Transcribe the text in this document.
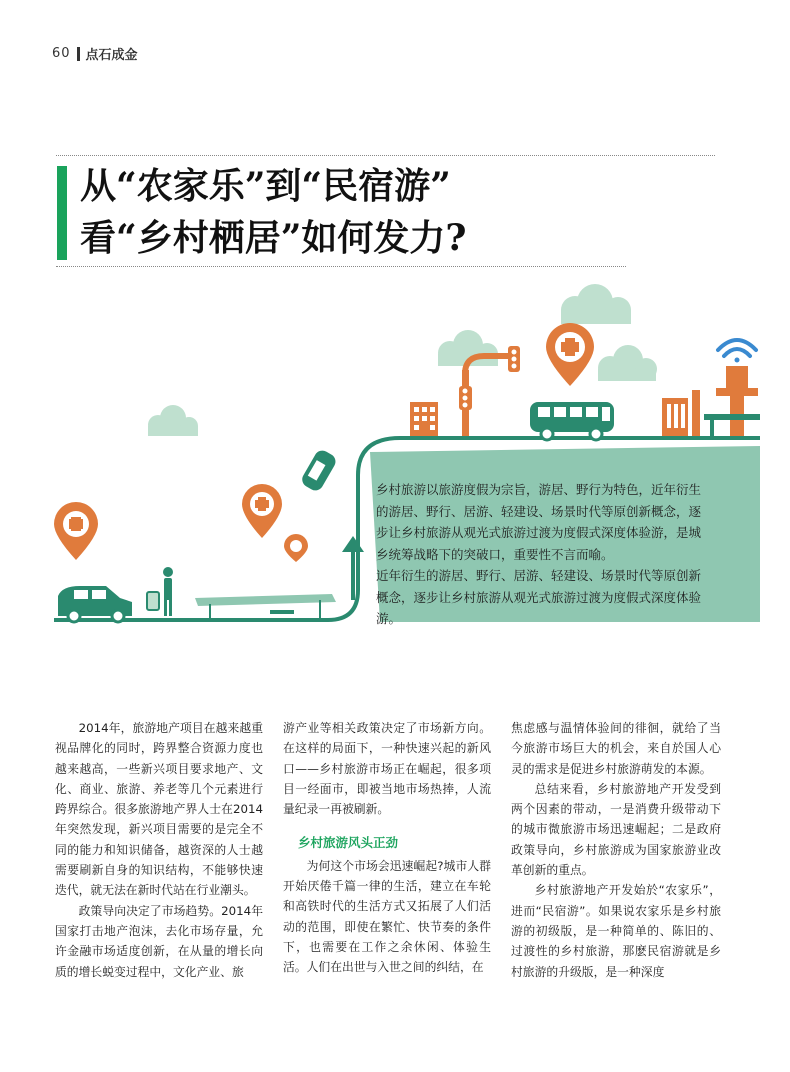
60 点石成金
从“农家乐”到“民宿游”
看“乡村栖居”如何发力?

乡村旅游以旅游度假为宗旨，游居、野行为特色，近年衍生的游居、野行、居游、轻建设、场景时代等原创新概念，逐步让乡村旅游从观光式旅游过渡为度假式深度体验游，是城乡统筹战略下的突破口，重要性不言而喻。

近年衍生的游居、野行、居游、轻建设、场景时代等原创新概念，逐步让乡村旅游从观光式旅游过渡为度假式深度体验游。

2014年，旅游地产项目在越来越重视品牌化的同时，跨界整合资源力度也越来越高，一些新兴项目要求地产、文化、商业、旅游、养老等几个元素进行跨界综合。很多旅游地产界人士在2014年突然发现，新兴项目需要的是完全不同的能力和知识储备，越资深的人士越需要刷新自身的知识结构，不能够快速迭代，就无法在新时代站在行业潮头。

政策导向决定了市场趋势。2014年国家打击地产泡沫，去化市场存量，允许金融市场适度创新，在从量的增长向质的增长蜕变过程中，文化产业、旅

游产业等相关政策决定了市场新方向。在这样的局面下，一种快速兴起的新风口——乡村旅游市场正在崛起，很多项目一经面市，即被当地市场热捧，人流量纪录一再被刷新。

乡村旅游风头正劲

为何这个市场会迅速崛起?城市人群开始厌倦千篇一律的生活，建立在车轮和高铁时代的生活方式又拓展了人们活动的范围，即使在繁忙、快节奏的条件下，也需要在工作之余休闲、体验生活。人们在出世与入世之间的纠结，在

焦虑感与温情体验间的徘徊，就给了当今旅游市场巨大的机会，来自於国人心灵的需求是促进乡村旅游萌发的本源。

总结来看，乡村旅游地产开发受到两个因素的带动，一是消费升级带动下的城市微旅游市场迅速崛起；二是政府政策导向，乡村旅游成为国家旅游业改革创新的重点。

乡村旅游地产开发始於“农家乐”，进而“民宿游”。如果说农家乐是乡村旅游的初级版，是一种简单的、陈旧的、过渡性的乡村旅游，那麽民宿游就是乡村旅游的升级版，是一种深度
